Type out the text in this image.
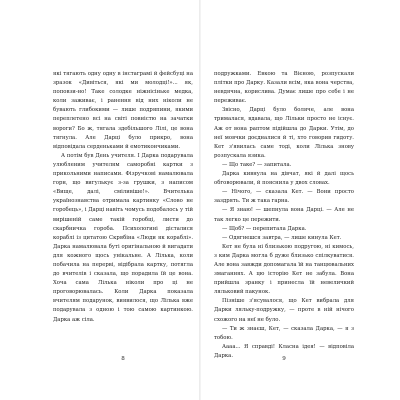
які тягають одну одну в інстаграмі й фейсбуці на зразок «Дивіться, які ми молодці!»... як, поповзи-но! Таке солодке ніжнісіньке медка, коли заживає, і ранення від них ніколи не бувають глибокими — лише подряпини, якими переплетено всі на світі повністю на зачатки вороги? Бо ж, тягала здебільшого Лілі, це вона тягнула. Але Дарці було прикро, вона відповідала серденьками й емотикончиками.

А потім був День учителя. І Дарка подарувала улюбленим учителям саморобні картки з прикольними написами. Фізручкові намалювала горн, що вигулькує з-за грушки, з написом «Вище, далі, сміливіше!». Вчителька українознавства отримала картинку «Слово не горобець», і Дарці навіть чомусь подобалось у тій вирішеній саме такій горобці, листи до скарбничка гороба. Психологині дісталися кораблі із цитатою Скрябіна «Люди як кораблі». Дарка намалювала буті оригінальною й вигадати для кожного щось унікальне. А Лілька, коли побачила на перерві, відібрала картку, потягла до вчителів і сказала, що порадила їй це вона. Хоча сама Лілька ніколи про ці не проговорювалась. Коли Дарка показала вчителям подарунок, виявилося, що Лілька вже подарувала з одною і тою самою картинкою. Дарка аж сіла.

подружками. Евкою та Вієною, розпускали плітки про Дарку. Казали всім, яка вона черства, невдячна, корислива. Думає лише про себе і не переживає.

Звісно, Дарці було боляче, але вона трималася, вдавала, що Лільки просто не існує. Аж от вона раптом підійшла до Дарки. Утім, до неї мовчки доєдналися й ті, хто говорив гидоту. Кет з'явилась саме тоді, коли Лілька знову розпускала язика.

— Що таке? — запитала.

Дарка кивнула на дівчат, які й далі щось обговорювали, й пояснила у двох словах.

— Нічого, — сказала Кет. — Вони просто заздрять. Ти ж така гарна.

— Я знаю! — шепнула вона Дарці. — Але не так легко це пережити.

— Щоб? — перепитала Дарка.

— Одягнешся завтра, — лише кинула Кет.

Кет не була ні близькою подругою, ні кимось, з ким Дарка могла б дуже близько спілкуватися. Але вона завжди допомагала їй на танцювальних змаганнях. А цю історію Кет не забула. Вона прийшла зранку і принесла їй невеличкий ляльковий пакунок.

Пізніше з'ясувалося, що Кет вибрала для Дарки ляльку-подружку, — проте в ній нічого схожого на неї не було.

— Ти ж знаєш, Кет, — сказала Дарка, — я з тобою.

Аааа... Я справді! Класна ідея! — відповіла Дарка.

8	9
